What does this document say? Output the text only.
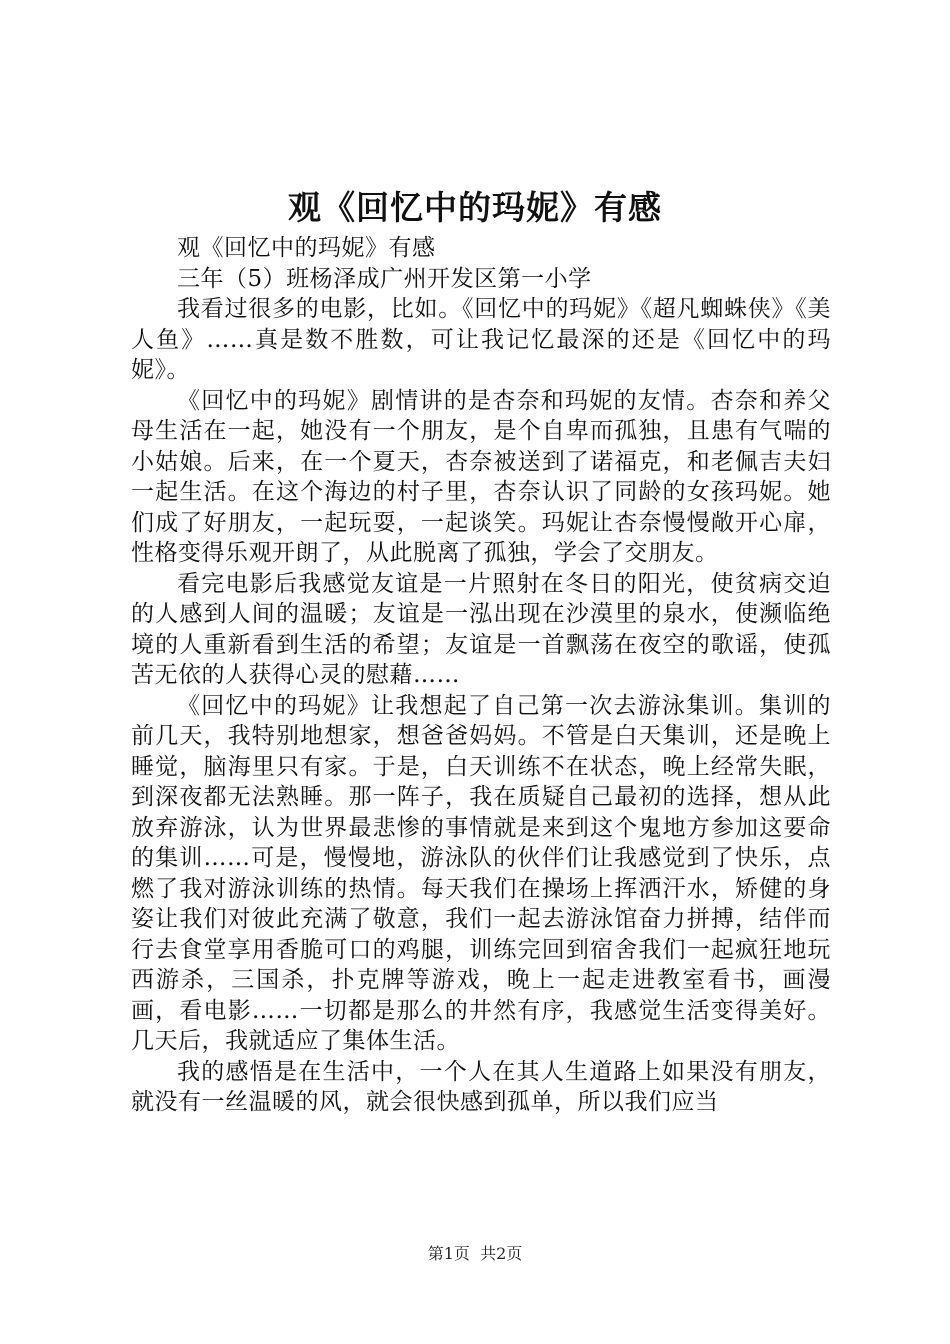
观《回忆中的玛妮》有感

观《回忆中的玛妮》有感

三年（5）班杨泽成广州开发区第一小学

我看过很多的电影，比如。《回忆中的玛妮》《超凡蜘蛛侠》《美人鱼》……真是数不胜数，可让我记忆最深的还是《回忆中的玛妮》。

《回忆中的玛妮》剧情讲的是杏奈和玛妮的友情。杏奈和养父母生活在一起，她没有一个朋友，是个自卑而孤独，且患有气喘的小姑娘。后来，在一个夏天，杏奈被送到了诺福克，和老佩吉夫妇一起生活。在这个海边的村子里，杏奈认识了同龄的女孩玛妮。她们成了好朋友，一起玩耍，一起谈笑。玛妮让杏奈慢慢敞开心扉，性格变得乐观开朗了，从此脱离了孤独，学会了交朋友。

看完电影后我感觉友谊是一片照射在冬日的阳光，使贫病交迫的人感到人间的温暖；友谊是一泓出现在沙漠里的泉水，使濒临绝境的人重新看到生活的希望；友谊是一首飘荡在夜空的歌谣，使孤苦无依的人获得心灵的慰藉……

《回忆中的玛妮》让我想起了自己第一次去游泳集训。集训的前几天，我特别地想家，想爸爸妈妈。不管是白天集训，还是晚上睡觉，脑海里只有家。于是，白天训练不在状态，晚上经常失眠，到深夜都无法熟睡。那一阵子，我在质疑自己最初的选择，想从此放弃游泳，认为世界最悲惨的事情就是来到这个鬼地方参加这要命的集训……可是，慢慢地，游泳队的伙伴们让我感觉到了快乐，点燃了我对游泳训练的热情。每天我们在操场上挥洒汗水，矫健的身姿让我们对彼此充满了敬意，我们一起去游泳馆奋力拼搏，结伴而行去食堂享用香脆可口的鸡腿，训练完回到宿舍我们一起疯狂地玩西游杀，三国杀，扑克牌等游戏，晚上一起走进教室看书，画漫画，看电影……一切都是那么的井然有序，我感觉生活变得美好。几天后，我就适应了集体生活。

我的感悟是在生活中，一个人在其人生道路上如果没有朋友，就没有一丝温暖的风，就会很快感到孤单，所以我们应当

第1页  共2页
